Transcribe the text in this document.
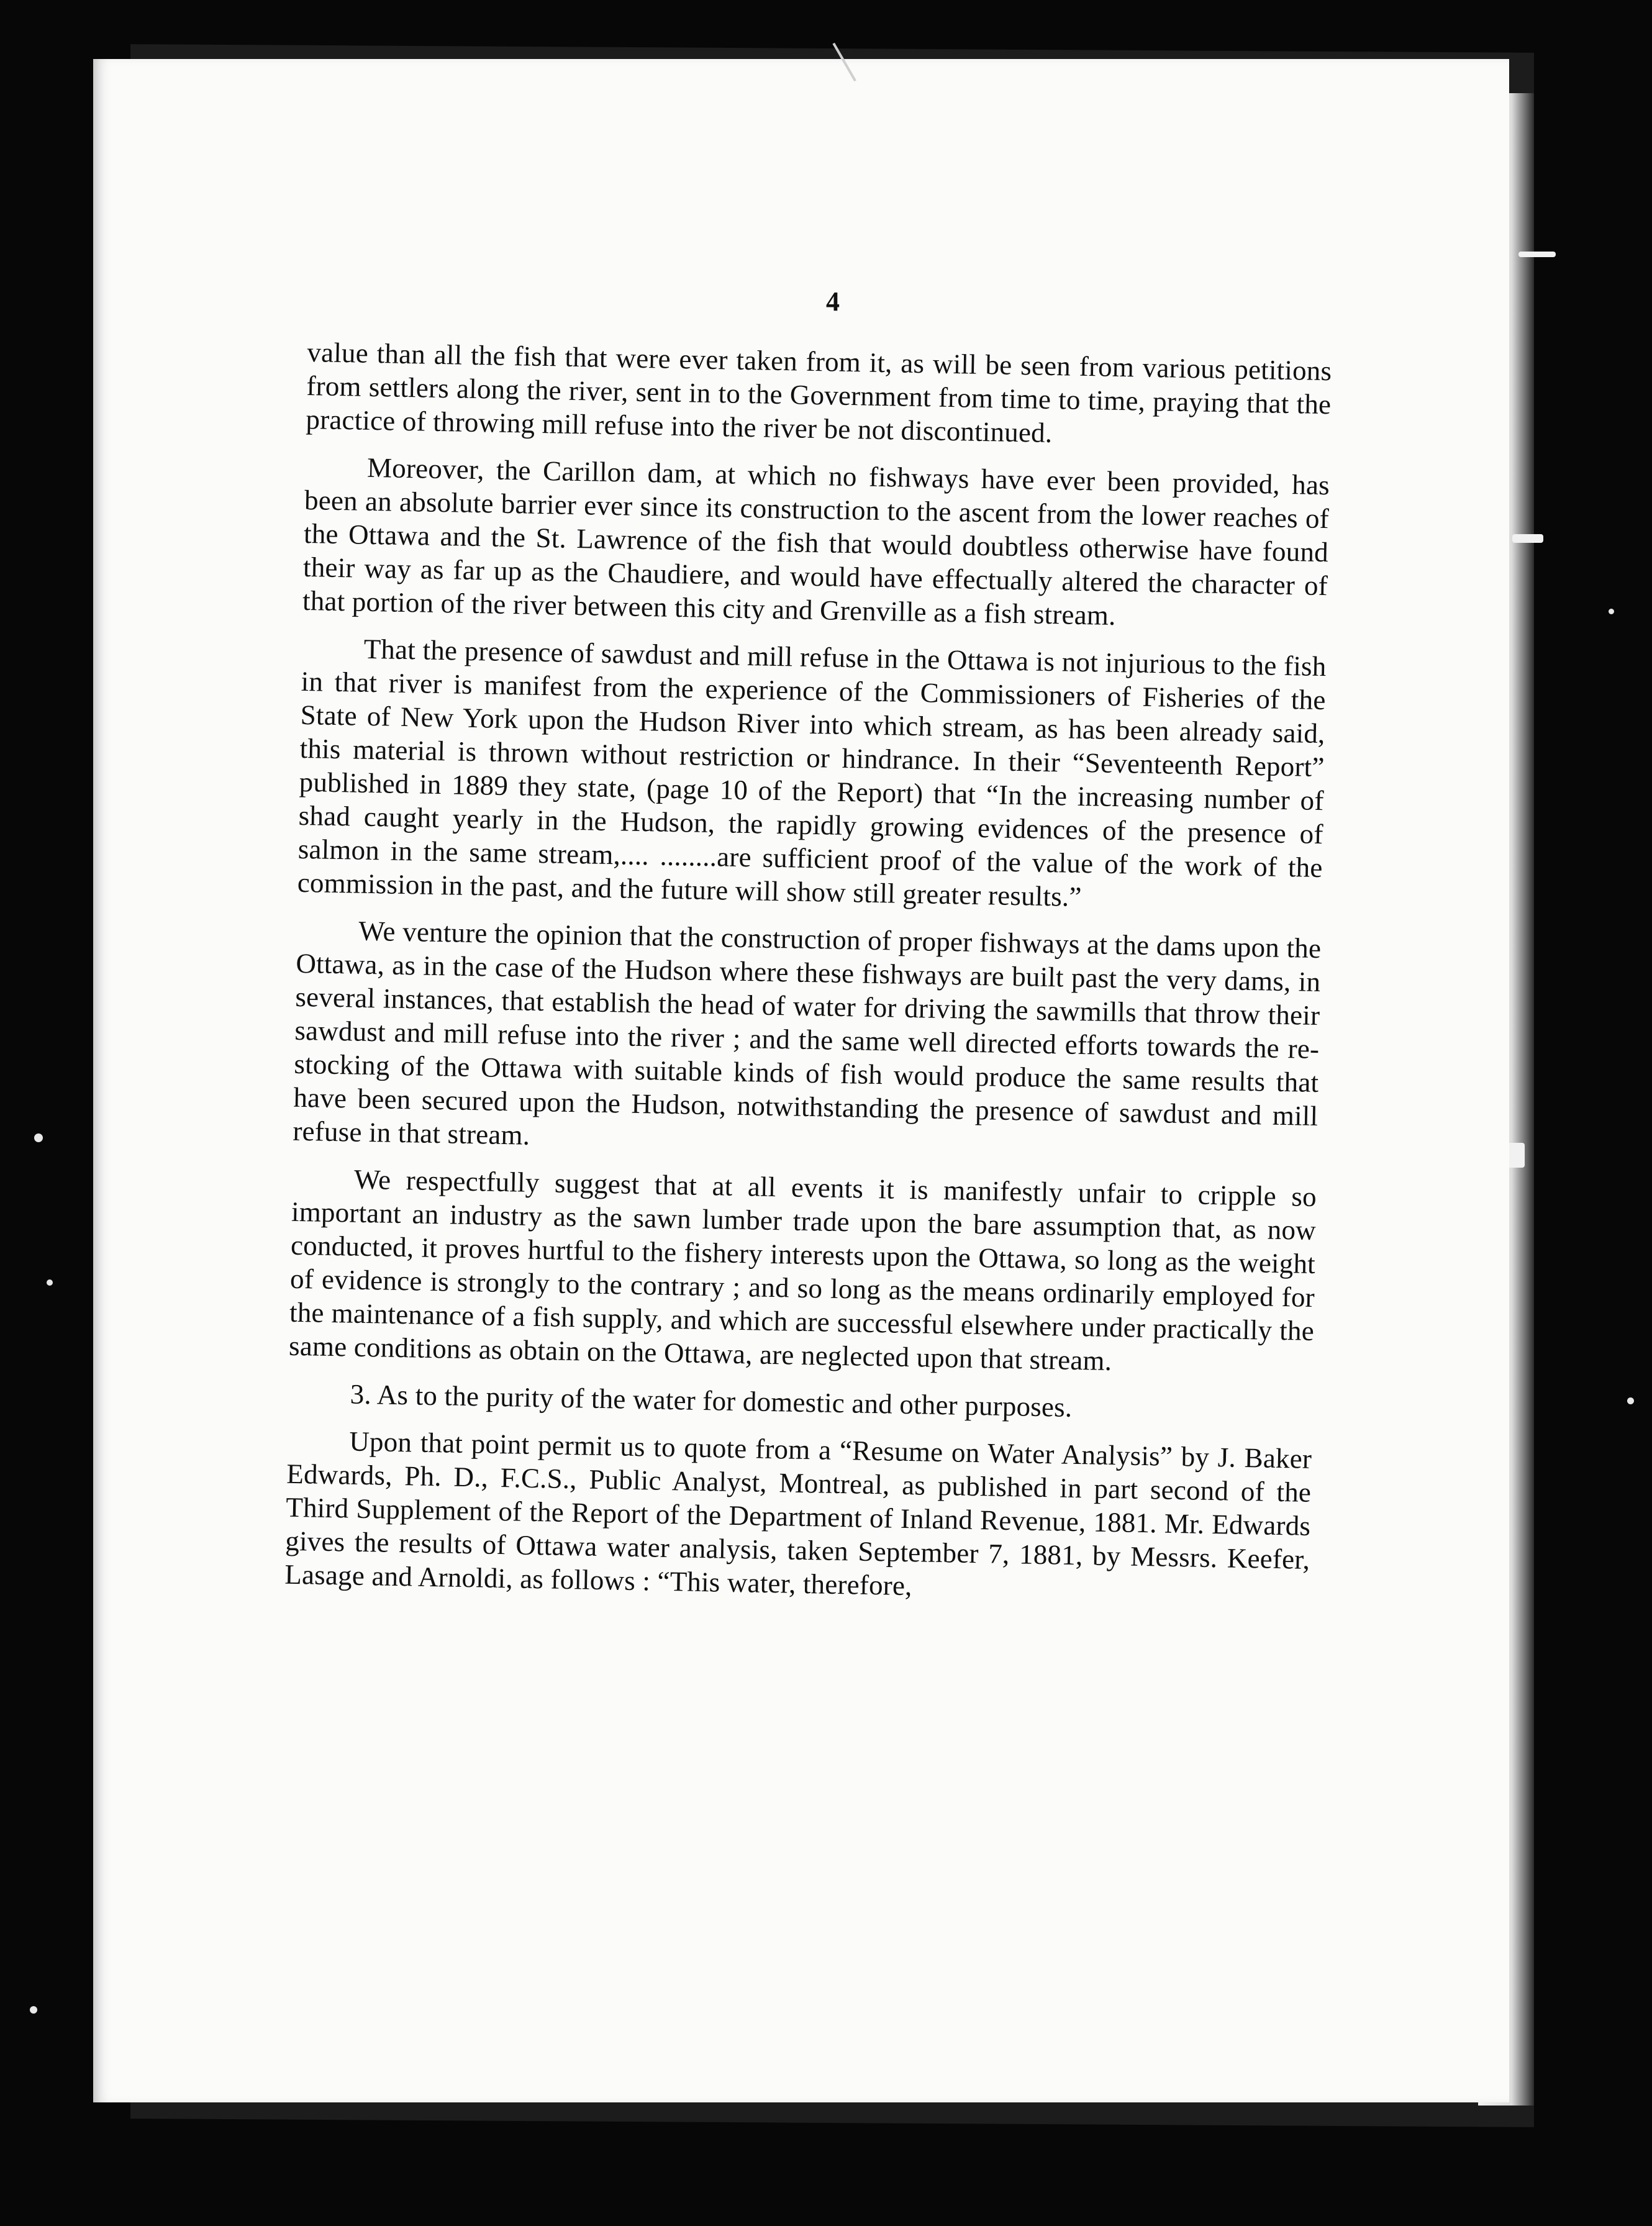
4

value than all the fish that were ever taken from it, as will be seen from various petitions from settlers along the river, sent in to the Government from time to time, praying that the practice of throwing mill refuse into the river be not discontinued.

Moreover, the Carillon dam, at which no fishways have ever been provided, has been an absolute barrier ever since its construction to the ascent from the lower reaches of the Ottawa and the St. Lawrence of the fish that would doubtless otherwise have found their way as far up as the Chaudiere, and would have effectually altered the character of that portion of the river between this city and Grenville as a fish stream.

That the presence of sawdust and mill refuse in the Ottawa is not injurious to the fish in that river is manifest from the experience of the Commissioners of Fisheries of the State of New York upon the Hudson River into which stream, as has been already said, this material is thrown without restriction or hindrance. In their “Seventeenth Report” published in 1889 they state, (page 10 of the Report) that “In the increasing number of shad caught yearly in the Hudson, the rapidly growing evidences of the presence of salmon in the same stream,.... ........are sufficient proof of the value of the work of the commission in the past, and the future will show still greater results.”

We venture the opinion that the construction of proper fishways at the dams upon the Ottawa, as in the case of the Hudson where these fishways are built past the very dams, in several instances, that establish the head of water for driving the sawmills that throw their sawdust and mill refuse into the river ; and the same well directed efforts towards the re-stocking of the Ottawa with suitable kinds of fish would produce the same results that have been secured upon the Hudson, notwithstanding the presence of sawdust and mill refuse in that stream.

We respectfully suggest that at all events it is manifestly unfair to cripple so important an industry as the sawn lumber trade upon the bare assumption that, as now conducted, it proves hurtful to the fishery interests upon the Ottawa, so long as the weight of evidence is strongly to the contrary ; and so long as the means ordinarily employed for the maintenance of a fish supply, and which are successful elsewhere under practically the same conditions as obtain on the Ottawa, are neglected upon that stream.

3. As to the purity of the water for domestic and other purposes.

Upon that point permit us to quote from a “Resume on Water Analysis” by J. Baker Edwards, Ph. D., F.C.S., Public Analyst, Montreal, as published in part second of the Third Supplement of the Report of the Department of Inland Revenue, 1881. Mr. Edwards gives the results of Ottawa water analysis, taken September 7, 1881, by Messrs. Keefer, Lasage and Arnoldi, as follows : “This water, therefore,
